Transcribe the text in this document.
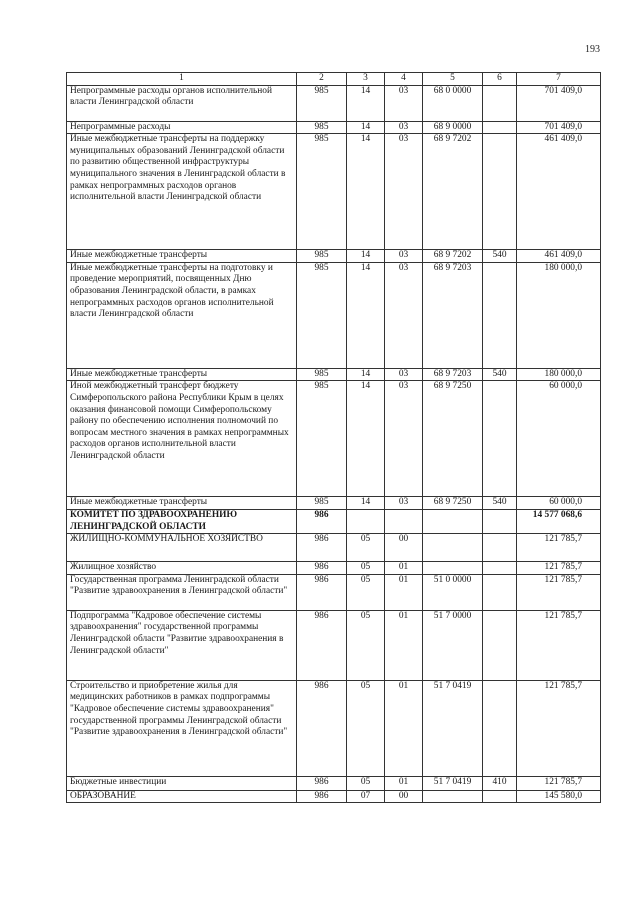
193
1	2	3	4	5	6	7
Непрограммные расходы органов исполнительной власти Ленинградской области	985	14	03	68 0 0000		701 409,0
Непрограммные расходы	985	14	03	68 9 0000		701 409,0
Иные межбюджетные трансферты на поддержку муниципальных образований Ленинградской области по развитию общественной инфраструктуры муниципального значения в Ленинградской области в рамках непрограммных расходов органов исполнительной власти Ленинградской области	985	14	03	68 9 7202		461 409,0
Иные межбюджетные трансферты	985	14	03	68 9 7202	540	461 409,0
Иные межбюджетные трансферты на подготовку и проведение мероприятий, посвященных Дню образования Ленинградской области, в рамках непрограммных расходов органов исполнительной власти Ленинградской области	985	14	03	68 9 7203		180 000,0
Иные межбюджетные трансферты	985	14	03	68 9 7203	540	180 000,0
Иной межбюджетный трансферт бюджету Симферопольского района Республики Крым в целях оказания финансовой помощи Симферопольскому району по обеспечению исполнения полномочий по вопросам местного значения в рамках непрограммных расходов органов исполнительной власти Ленинградской области	985	14	03	68 9 7250		60 000,0
Иные межбюджетные трансферты	985	14	03	68 9 7250	540	60 000,0
КОМИТЕТ ПО ЗДРАВООХРАНЕНИЮ ЛЕНИНГРАДСКОЙ ОБЛАСТИ	986					14 577 068,6
ЖИЛИЩНО-КОММУНАЛЬНОЕ ХОЗЯЙСТВО	986	05	00			121 785,7
Жилищное хозяйство	986	05	01			121 785,7
Государственная программа Ленинградской области "Развитие здравоохранения в Ленинградской области"	986	05	01	51 0 0000		121 785,7
Подпрограмма "Кадровое обеспечение системы здравоохранения" государственной программы Ленинградской области "Развитие здравоохранения в Ленинградской области"	986	05	01	51 7 0000		121 785,7
Строительство и приобретение жилья для медицинских работников в рамках подпрограммы "Кадровое обеспечение системы здравоохранения" государственной программы Ленинградской области "Развитие здравоохранения в Ленинградской области"	986	05	01	51 7 0419		121 785,7
Бюджетные инвестиции	986	05	01	51 7 0419	410	121 785,7
ОБРАЗОВАНИЕ	986	07	00			145 580,0
